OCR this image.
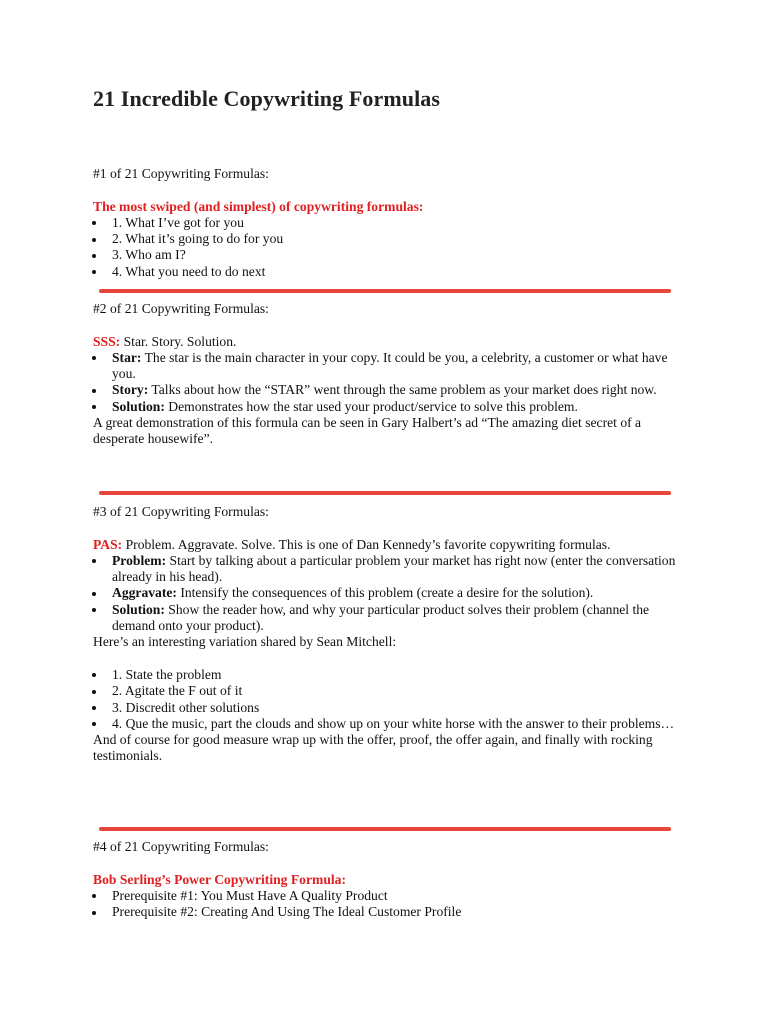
21 Incredible Copywriting Formulas

#1 of 21 Copywriting Formulas:

The most swiped (and simplest) of copywriting formulas:

1. What I’ve got for you
2. What it’s going to do for you
3. Who am I?
4. What you need to do next

#2 of 21 Copywriting Formulas:

SSS: Star. Story. Solution.

Star: The star is the main character in your copy. It could be you, a celebrity, a customer or what have you.
Story: Talks about how the “STAR” went through the same problem as your market does right now.
Solution: Demonstrates how the star used your product/service to solve this problem.

A great demonstration of this formula can be seen in Gary Halbert’s ad “The amazing diet secret of a desperate housewife”.

#3 of 21 Copywriting Formulas:

PAS: Problem. Aggravate. Solve. This is one of Dan Kennedy’s favorite copywriting formulas.

Problem: Start by talking about a particular problem your market has right now (enter the conversation already in his head).
Aggravate: Intensify the consequences of this problem (create a desire for the solution).
Solution: Show the reader how, and why your particular product solves their problem (channel the demand onto your product).

Here’s an interesting variation shared by Sean Mitchell:

1. State the problem
2. Agitate the F out of it
3. Discredit other solutions
4. Que the music, part the clouds and show up on your white horse with the answer to their problems…

And of course for good measure wrap up with the offer, proof, the offer again, and finally with rocking testimonials.

#4 of 21 Copywriting Formulas:

Bob Serling’s Power Copywriting Formula:

Prerequisite #1: You Must Have A Quality Product
Prerequisite #2: Creating And Using The Ideal Customer Profile
